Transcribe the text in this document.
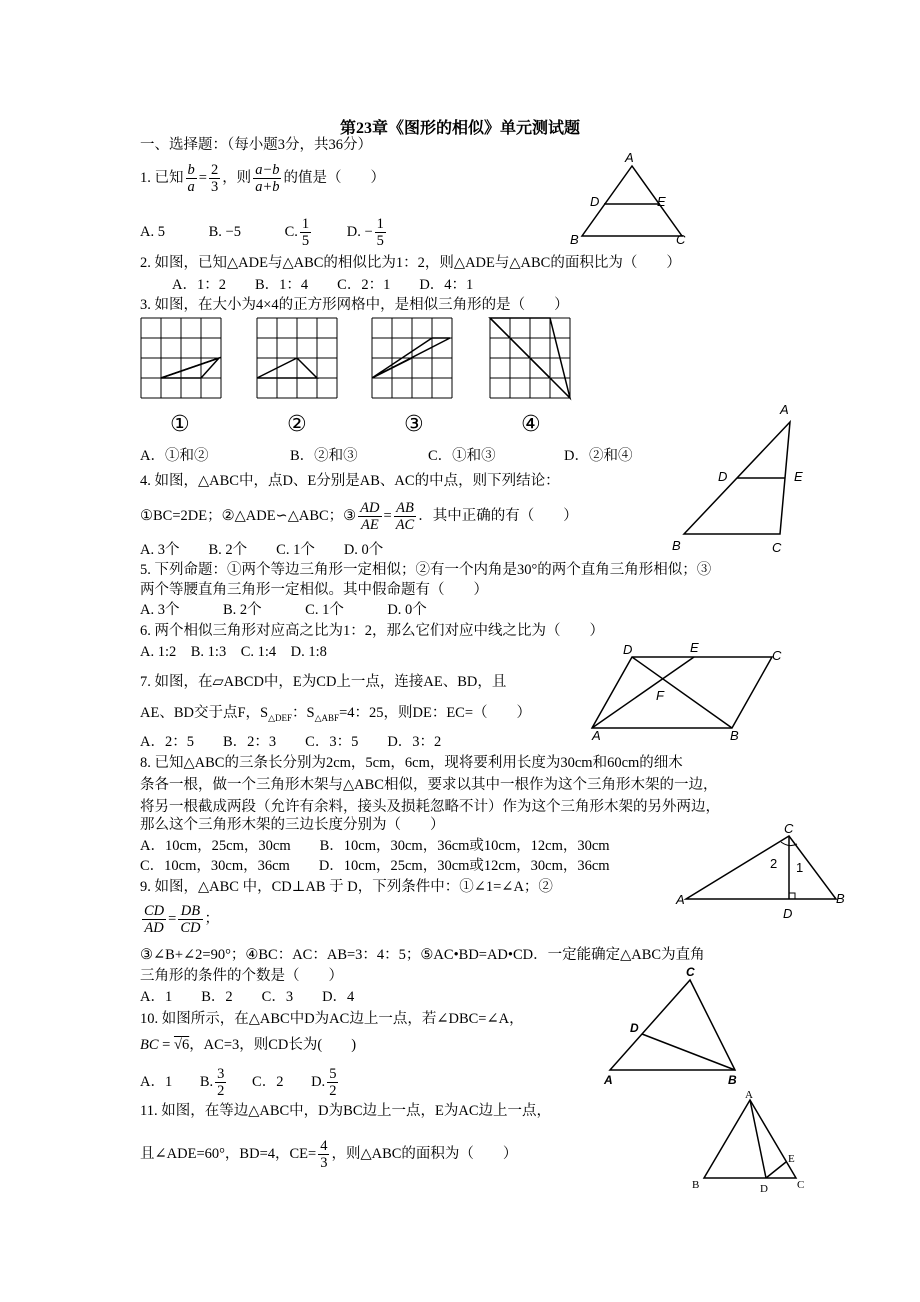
第23章《图形的相似》单元测试题
一、选择题：（每小题3分，共36分）
1. 已知 $\frac{b}{a} = \frac{2}{3}$ ，则 $\frac{a-b}{a+b}$ 的值是（　　）
A. 5	B. −5	C. $\frac{1}{5} D$. − $\frac{1}{5}$
A
D	E
B	C
2. 如图，已知△ADE与△ABC的相似比为1：2，则△ADE与△ABC的面积比为（　　）
A．1：2　　B．1：4　　C．2：1　　D．4：1
3. 如图，在大小为4×4的正方形网格中，是相似三角形的是（　　）
①	②	③	④
A．①和②	B．②和③	C．①和③	D．②和④
A
D	E
B	C
4. 如图，△ABC中，点D、E分别是AB、AC的中点，则下列结论：
①BC=2DE；②△ADE∽△ABC；③ $\frac{AD}{AE} = \frac{AB}{AC}$ ．其中正确的有（　　）
A. 3个　　B. 2个　　C. 1个　　D. 0个
5. 下列命题：①两个等边三角形一定相似；②有一个内角是30°的两个直角三角形相似；③
两个等腰直角三角形一定相似。其中假命题有（　　）
A. 3个　　　B. 2个　　　C. 1个　　　D. 0个
6. 两个相似三角形对应高之比为1：2，那么它们对应中线之比为（　　）
A. 1:2　B. 1:3　C. 1:4　D. 1:8	D	E
C
F
A	B
7. 如图，在▱ABCD中，E为CD上一点，连接AE、BD，且
AE、BD交于点F，$S_{\triangle DEF}$：$S_{\triangle ABF}=4$：25，则DE：EC=（　　）
A．2：5　　B．2：3　　C．3：5　　D．3：2
8. 已知△ABC的三条长分别为2cm，5cm，6cm，现将要利用长度为30cm和60cm的细木
条各一根，做一个三角形木架与△ABC相似，要求以其中一根作为这个三角形木架的一边，
将另一根截成两段（允许有余料，接头及损耗忽略不计）作为这个三角形木架的另外两边，
那么这个三角形木架的三边长度分别为（　　）
A．10cm，25cm，30cm　　B．10cm，30cm，36cm或10cm，12cm，30cm
C．10cm，30cm，36cm　　D．10cm，25cm，30cm或12cm，30cm，36cm
C
2 1
A
D
B
9. 如图，△ABC 中，CD⊥AB 于 D，下列条件中：①∠1=∠A；②
$\frac{CD}{AD} = \frac{DB}{CD}$ ；
③∠B+∠2=90°；④BC：AC：AB=3：4：5；⑤AC•BD=AD•CD．一定能确定△ABC为直角
三角形的条件的个数是（　　）
A．1　　B．2　　C．3　　D．4
C
D
A	B
10. 如图所示，在△ABC中D为AC边上一点，若∠DBC=∠A，
BC = √6，AC=3，则CD长为(　　)
A．1 B. $\frac{3}{2}$ C．2 D. $\frac{5}{2}$
11. 如图，在等边△ABC中，D为BC边上一点，E为AC边上一点，
且∠ADE=60°，BD=4，$CE= \frac{4}{3}$ ，则△ABC的面积为（　　）
A
E
B	D	C
